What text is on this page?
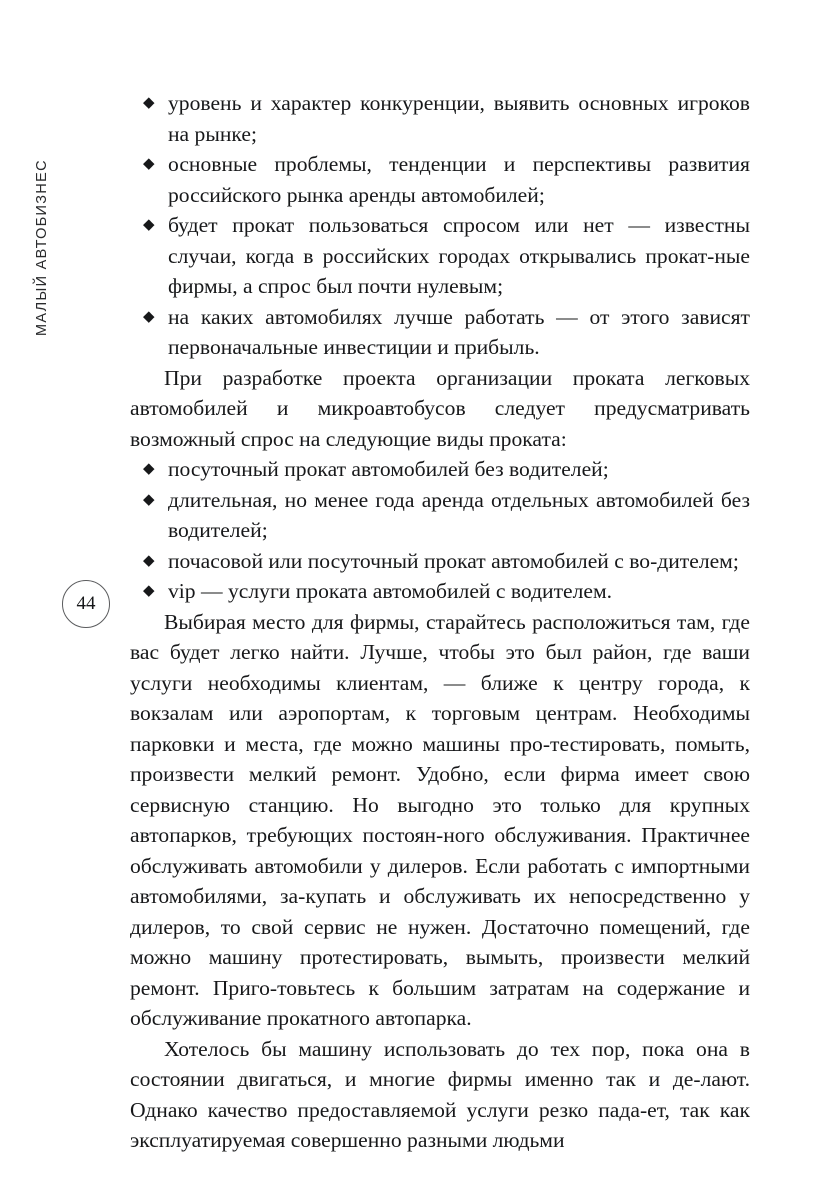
МАЛЫЙ АВТОБИЗНЕС
44
◆ уровень и характер конкуренции, выявить основных игроков на рынке;
◆ основные проблемы, тенденции и перспективы развития российского рынка аренды автомобилей;
◆ будет прокат пользоваться спросом или нет — известны случаи, когда в российских городах открывались прокат-ные фирмы, а спрос был почти нулевым;
◆ на каких автомобилях лучше работать — от этого зависят первоначальные инвестиции и прибыль.

При разработке проекта организации проката легковых автомобилей и микроавтобусов следует предусматривать возможный спрос на следующие виды проката:

◆ посуточный прокат автомобилей без водителей;
◆ длительная, но менее года аренда отдельных автомобилей без водителей;
◆ почасовой или посуточный прокат автомобилей с во-дителем;
◆ vip — услуги проката автомобилей с водителем.

Выбирая место для фирмы, старайтесь расположиться там, где вас будет легко найти. Лучше, чтобы это был район, где ваши услуги необходимы клиентам, — ближе к центру города, к вокзалам или аэропортам, к торговым центрам. Необходимы парковки и места, где можно машины про-тестировать, помыть, произвести мелкий ремонт. Удобно, если фирма имеет свою сервисную станцию. Но выгодно это только для крупных автопарков, требующих постоян-ного обслуживания. Практичнее обслуживать автомобили у дилеров. Если работать с импортными автомобилями, за-купать и обслуживать их непосредственно у дилеров, то свой сервис не нужен. Достаточно помещений, где можно машину протестировать, вымыть, произвести мелкий ремонт. Приго-товьтесь к большим затратам на содержание и обслуживание прокатного автопарка.

Хотелось бы машину использовать до тех пор, пока она в состоянии двигаться, и многие фирмы именно так и де-лают. Однако качество предоставляемой услуги резко пада-ет, так как эксплуатируемая совершенно разными людьми
